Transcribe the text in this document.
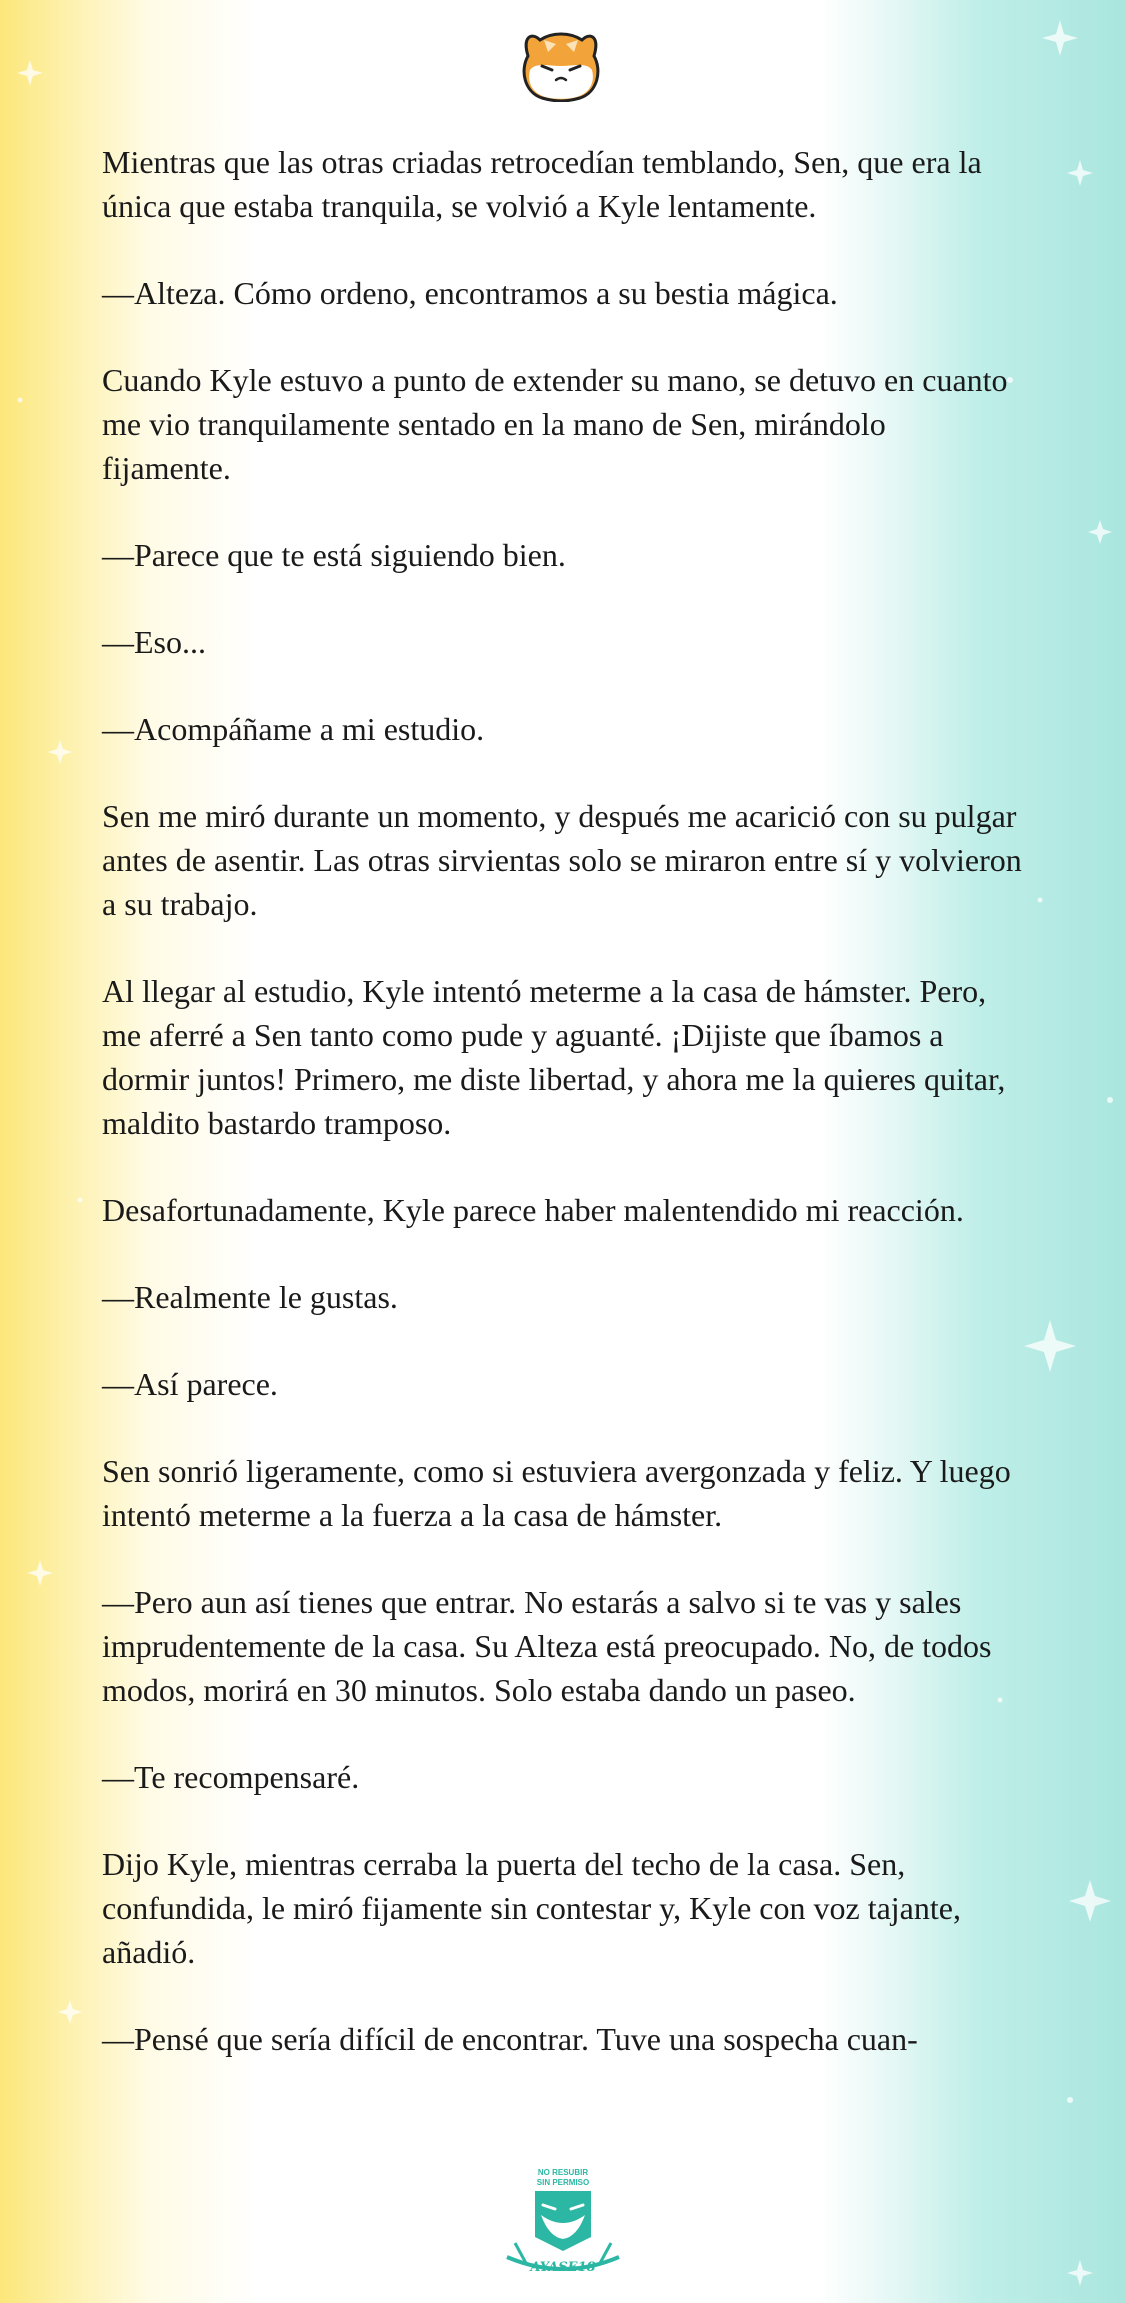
Mientras que las otras criadas retrocedían temblando, Sen, que era la única que estaba tranquila, se volvió a Kyle lentamente.

—Alteza. Cómo ordeno, encontramos a su bestia mágica.

Cuando Kyle estuvo a punto de extender su mano, se detuvo en cuanto me vio tranquilamente sentado en la mano de Sen, mirándolo fijamente.

—Parece que te está siguiendo bien.

—Eso...

—Acompáñame a mi estudio.

Sen me miró durante un momento, y después me acarició con su pulgar antes de asentir. Las otras sirvientas solo se miraron entre sí y volvieron a su trabajo.

Al llegar al estudio, Kyle intentó meterme a la casa de hámster. Pero, me aferré a Sen tanto como pude y aguanté. ¡Dijiste que íbamos a dormir juntos! Primero, me diste libertad, y ahora me la quieres quitar, maldito bastardo tramposo.

Desafortunadamente, Kyle parece haber malentendido mi reacción.

—Realmente le gustas.

—Así parece.

Sen sonrió ligeramente, como si estuviera avergonzada y feliz. Y luego intentó meterme a la fuerza a la casa de hámster.

—Pero aun así tienes que entrar. No estarás a salvo si te vas y sales imprudentemente de la casa. Su Alteza está preocupado. No, de todos modos, morirá en 30 minutos. Solo estaba dando un paseo.

—Te recompensaré.

Dijo Kyle, mientras cerraba la puerta del techo de la casa. Sen, confundida, le miró fijamente sin contestar y, Kyle con voz tajante, añadió.

—Pensé que sería difícil de encontrar. Tuve una sospecha cuan-

NO RESUBIR
SIN PERMISO
AYASE18
